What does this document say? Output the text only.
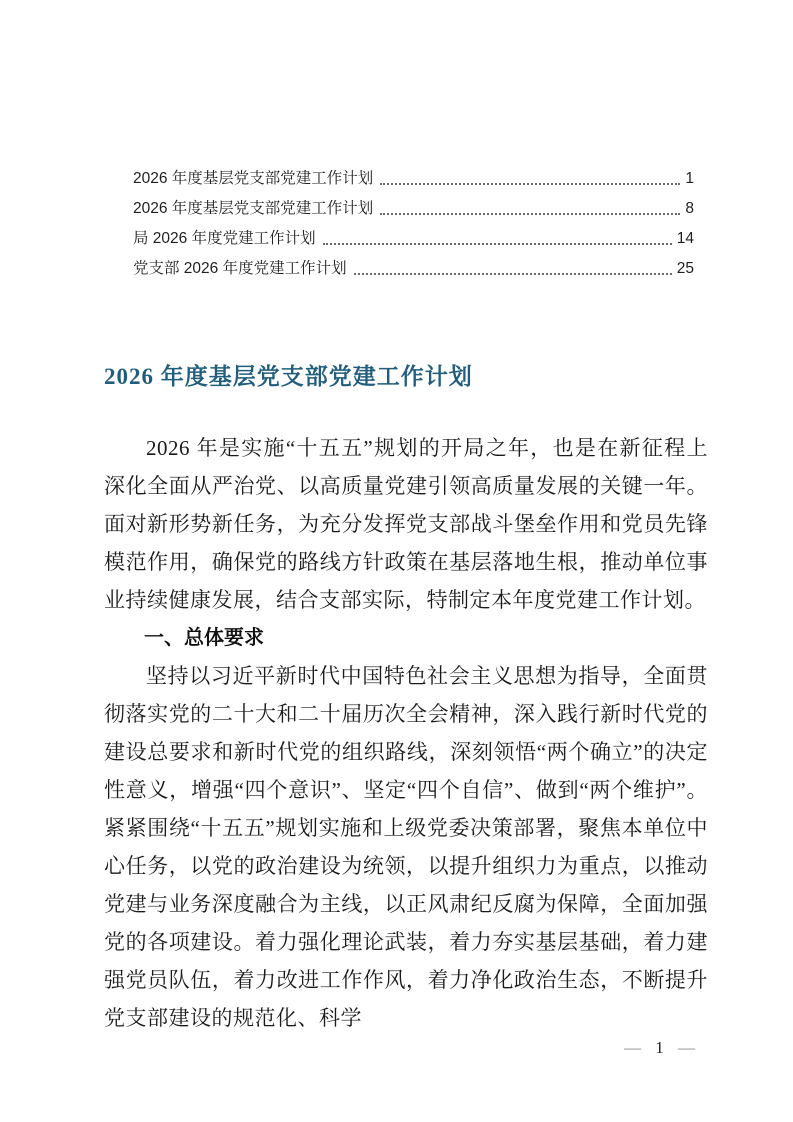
2026 年度基层党支部党建工作计划	1
2026 年度基层党支部党建工作计划	8
局 2026 年度党建工作计划	14
党支部 2026 年度党建工作计划	25
2026 年度基层党支部党建工作计划

2026 年是实施“十五五”规划的开局之年，也是在新征程上深化全面从严治党、以高质量党建引领高质量发展的关键一年。面对新形势新任务，为充分发挥党支部战斗堡垒作用和党员先锋模范作用，确保党的路线方针政策在基层落地生根，推动单位事业持续健康发展，结合支部实际，特制定本年度党建工作计划。

一、总体要求

坚持以习近平新时代中国特色社会主义思想为指导，全面贯彻落实党的二十大和二十届历次全会精神，深入践行新时代党的建设总要求和新时代党的组织路线，深刻领悟“两个确立”的决定性意义，增强“四个意识”、坚定“四个自信”、做到“两个维护”。紧紧围绕“十五五”规划实施和上级党委决策部署，聚焦本单位中心任务，以党的政治建设为统领，以提升组织力为重点，以推动党建与业务深度融合为主线，以正风肃纪反腐为保障，全面加强党的各项建设。着力强化理论武装，着力夯实基层基础，着力建强党员队伍，着力改进工作作风，着力净化政治生态，不断提升党支部建设的规范化、科学

— 1 —
